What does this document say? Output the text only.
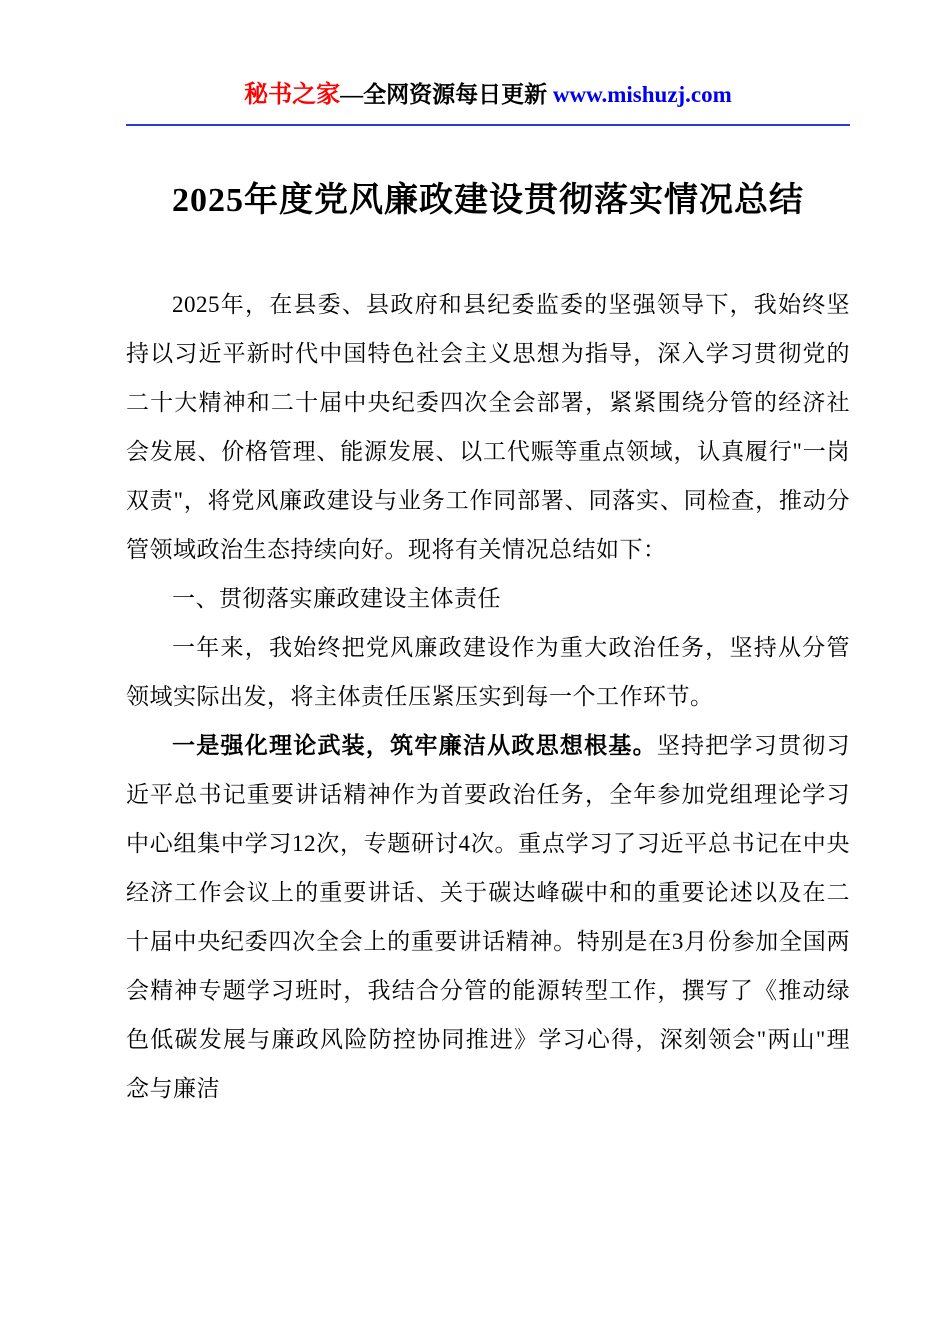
秘书之家—全网资源每日更新 www.mishuzj.com
2025年度党风廉政建设贯彻落实情况总结

2025年，在县委、县政府和县纪委监委的坚强领导下，我始终坚持以习近平新时代中国特色社会主义思想为指导，深入学习贯彻党的二十大精神和二十届中央纪委四次全会部署，紧紧围绕分管的经济社会发展、价格管理、能源发展、以工代赈等重点领域，认真履行"一岗双责"，将党风廉政建设与业务工作同部署、同落实、同检查，推动分管领域政治生态持续向好。现将有关情况总结如下：

一、贯彻落实廉政建设主体责任

一年来，我始终把党风廉政建设作为重大政治任务，坚持从分管领域实际出发，将主体责任压紧压实到每一个工作环节。

一是强化理论武装，筑牢廉洁从政思想根基。坚持把学习贯彻习近平总书记重要讲话精神作为首要政治任务，全年参加党组理论学习中心组集中学习12次，专题研讨4次。重点学习了习近平总书记在中央经济工作会议上的重要讲话、关于碳达峰碳中和的重要论述以及在二十届中央纪委四次全会上的重要讲话精神。特别是在3月份参加全国两会精神专题学习班时，我结合分管的能源转型工作，撰写了《推动绿色低碳发展与廉政风险防控协同推进》学习心得，深刻领会"两山"理念与廉洁
